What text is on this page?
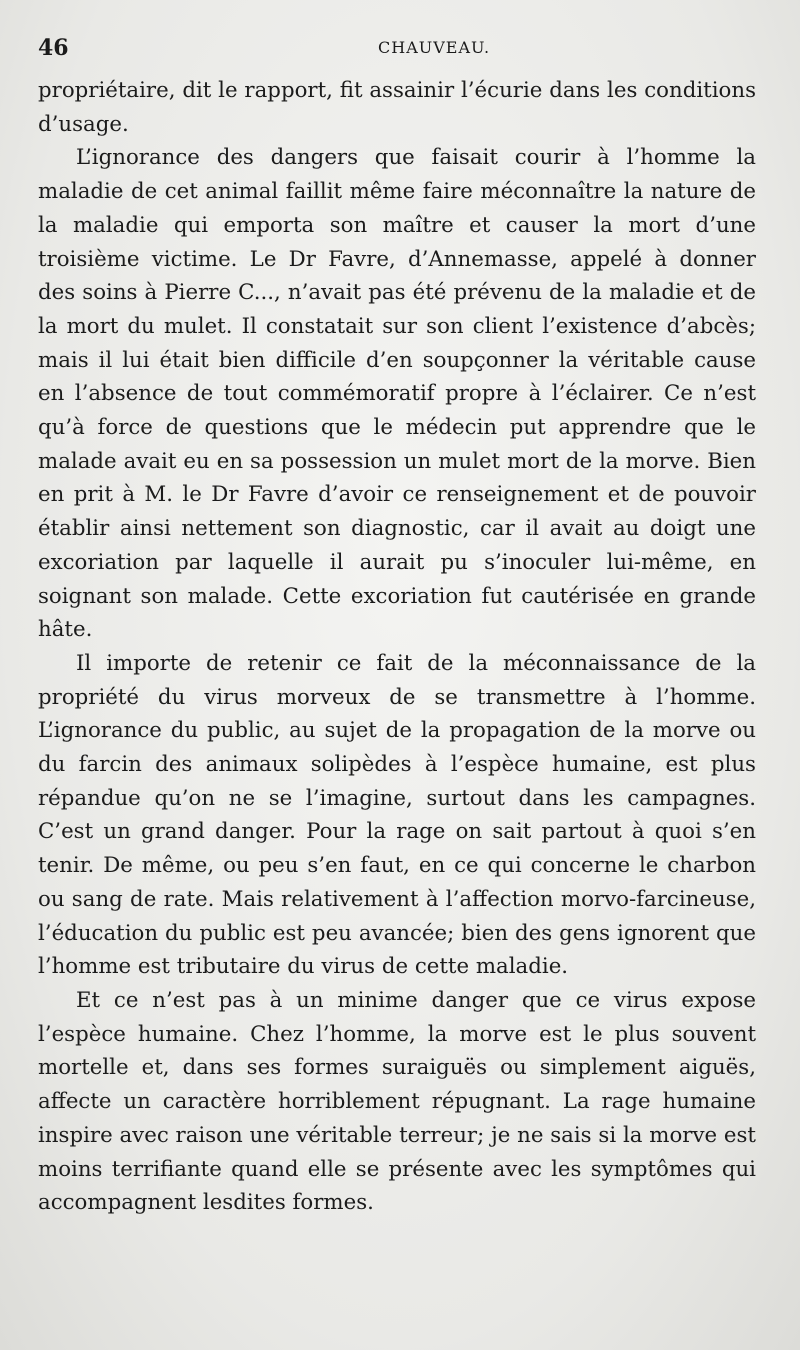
46	CHAUVEAU.

propriétaire, dit le rapport, fit assainir l’écurie dans les conditions d’usage.

L’ignorance des dangers que faisait courir à l’homme la maladie de cet animal faillit même faire méconnaître la nature de la maladie qui emporta son maître et causer la mort d’une troisième victime. Le Dr Favre, d’Annemasse, appelé à donner des soins à Pierre C..., n’avait pas été prévenu de la maladie et de la mort du mulet. Il constatait sur son client l’existence d’abcès; mais il lui était bien difficile d’en soupçonner la véritable cause en l’absence de tout commémoratif propre à l’éclairer. Ce n’est qu’à force de questions que le médecin put apprendre que le malade avait eu en sa possession un mulet mort de la morve. Bien en prit à M. le Dr Favre d’avoir ce renseignement et de pouvoir établir ainsi nettement son diagnostic, car il avait au doigt une excoriation par laquelle il aurait pu s’inoculer lui-même, en soignant son malade. Cette excoriation fut cautérisée en grande hâte.

Il importe de retenir ce fait de la méconnaissance de la propriété du virus morveux de se transmettre à l’homme. L’ignorance du public, au sujet de la propagation de la morve ou du farcin des animaux solipèdes à l’espèce humaine, est plus répandue qu’on ne se l’imagine, surtout dans les campagnes. C’est un grand danger. Pour la rage on sait partout à quoi s’en tenir. De même, ou peu s’en faut, en ce qui concerne le charbon ou sang de rate. Mais relativement à l’affection morvo-farcineuse, l’éducation du public est peu avancée; bien des gens ignorent que l’homme est tributaire du virus de cette maladie.

Et ce n’est pas à un minime danger que ce virus expose l’espèce humaine. Chez l’homme, la morve est le plus souvent mortelle et, dans ses formes suraiguës ou simplement aiguës, affecte un caractère horriblement répugnant. La rage humaine inspire avec raison une véritable terreur; je ne sais si la morve est moins terrifiante quand elle se présente avec les symptômes qui accompagnent lesdites formes.
